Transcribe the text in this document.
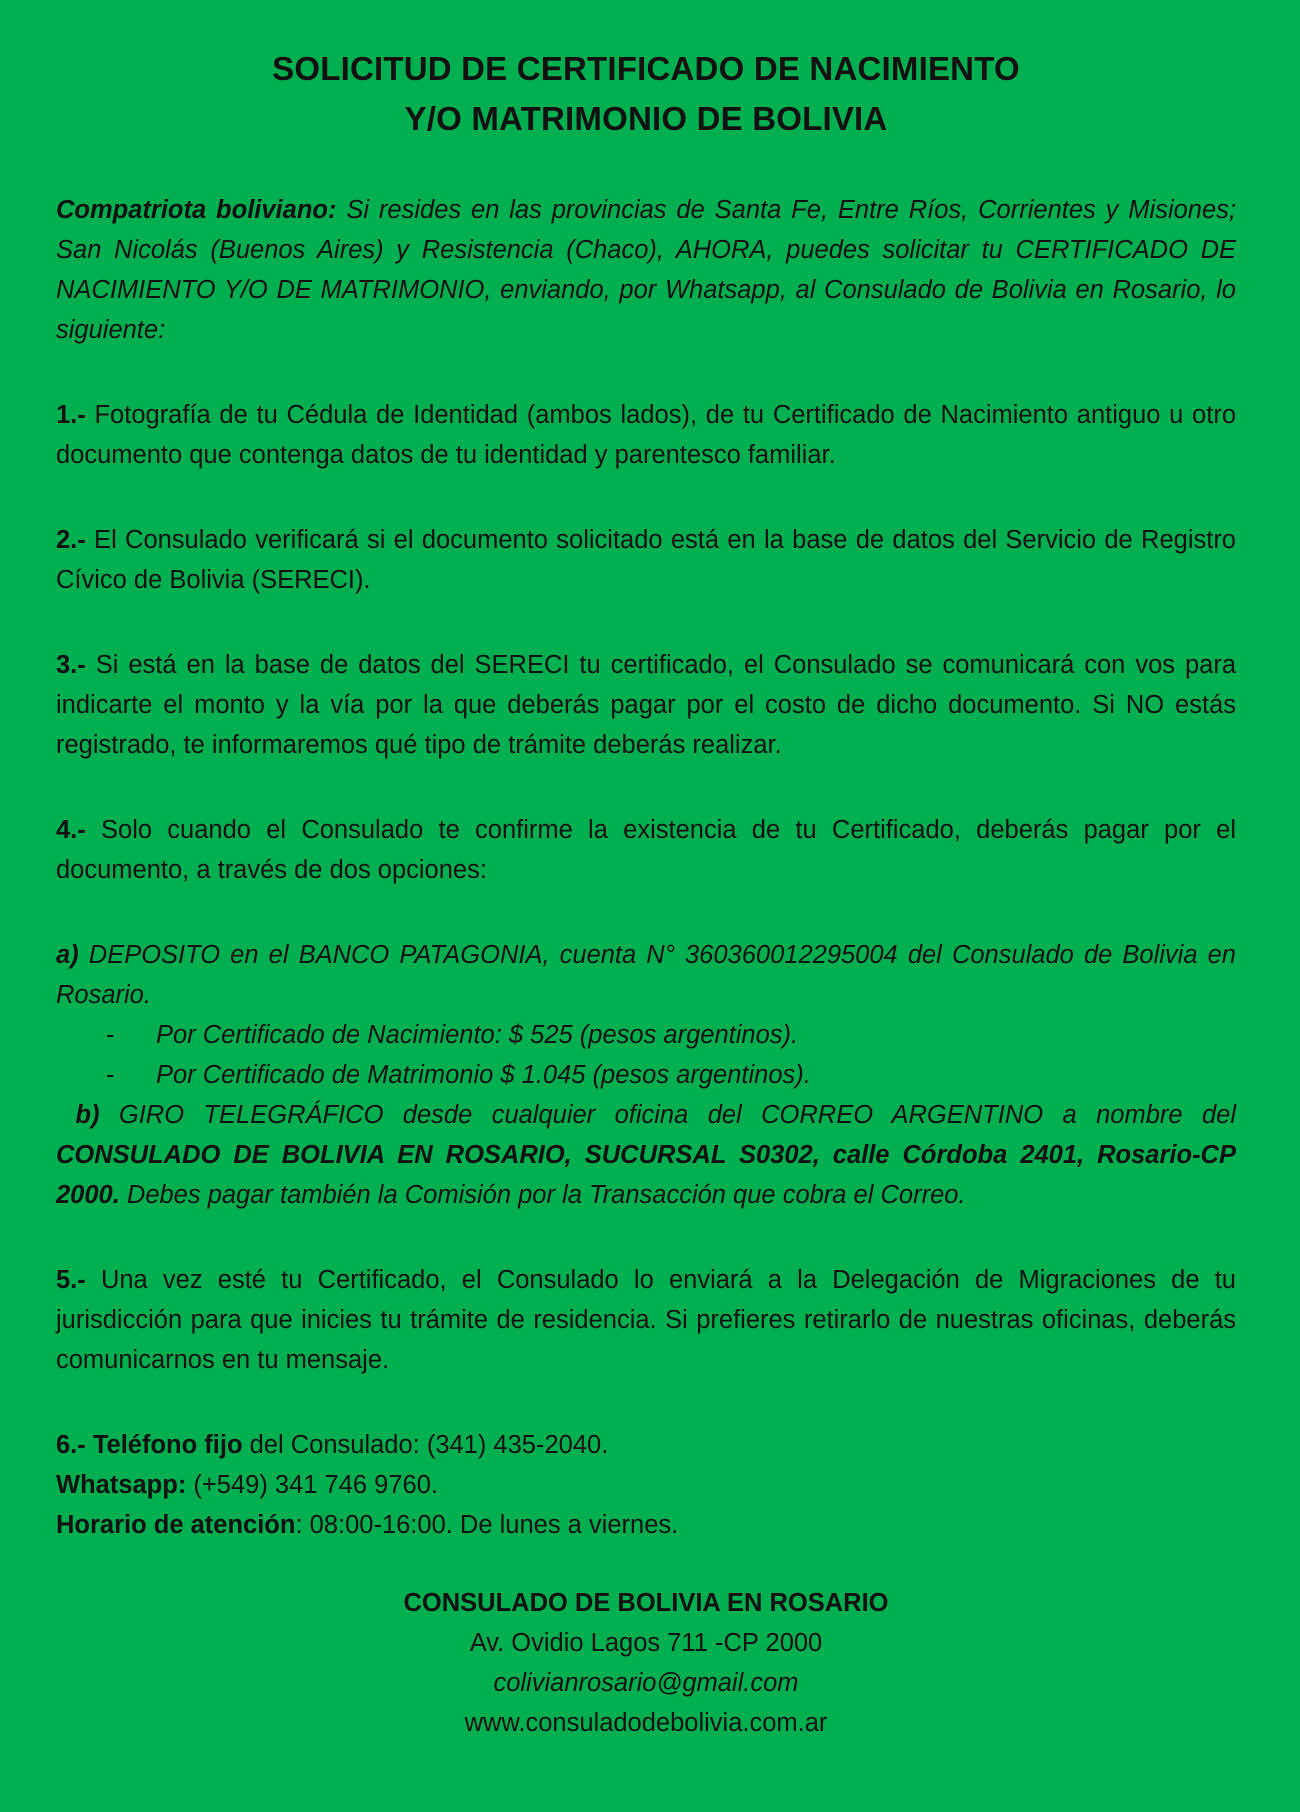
SOLICITUD DE CERTIFICADO DE NACIMIENTO
Y/O MATRIMONIO DE BOLIVIA

Compatriota boliviano: Si resides en las provincias de Santa Fe, Entre Ríos, Corrientes y Misiones; San Nicolás (Buenos Aires) y Resistencia (Chaco), AHORA, puedes solicitar tu CERTIFICADO DE NACIMIENTO Y/O DE MATRIMONIO, enviando, por Whatsapp, al Consulado de Bolivia en Rosario, lo siguiente:

1.- Fotografía de tu Cédula de Identidad (ambos lados), de tu Certificado de Nacimiento antiguo u otro documento que contenga datos de tu identidad y parentesco familiar.

2.- El Consulado verificará si el documento solicitado está en la base de datos del Servicio de Registro Cívico de Bolivia (SERECI).

3.- Si está en la base de datos del SERECI tu certificado, el Consulado se comunicará con vos para indicarte el monto y la vía por la que deberás pagar por el costo de dicho documento. Si NO estás registrado, te informaremos qué tipo de trámite deberás realizar.

4.- Solo cuando el Consulado te confirme la existencia de tu Certificado, deberás pagar por el documento, a través de dos opciones:

a) DEPOSITO en el BANCO PATAGONIA, cuenta N° 360360012295004 del Consulado de Bolivia en Rosario.

-	Por Certificado de Nacimiento: $ 525 (pesos argentinos).
-	Por Certificado de Matrimonio $ 1.045 (pesos argentinos).

b) GIRO TELEGRÁFICO desde cualquier oficina del CORREO ARGENTINO a nombre del CONSULADO DE BOLIVIA EN ROSARIO, SUCURSAL S0302, calle Córdoba 2401, Rosario-CP 2000. Debes pagar también la Comisión por la Transacción que cobra el Correo.

5.- Una vez esté tu Certificado, el Consulado lo enviará a la Delegación de Migraciones de tu jurisdicción para que inicies tu trámite de residencia. Si prefieres retirarlo de nuestras oficinas, deberás comunicarnos en tu mensaje.

6.- Teléfono fijo del Consulado: (341) 435-2040.

Whatsapp: (+549) 341 746 9760.

Horario de atención: 08:00-16:00. De lunes a viernes.

CONSULADO DE BOLIVIA EN ROSARIO
Av. Ovidio Lagos 711 -CP 2000
colivianrosario@gmail.com
www.consuladodebolivia.com.ar
